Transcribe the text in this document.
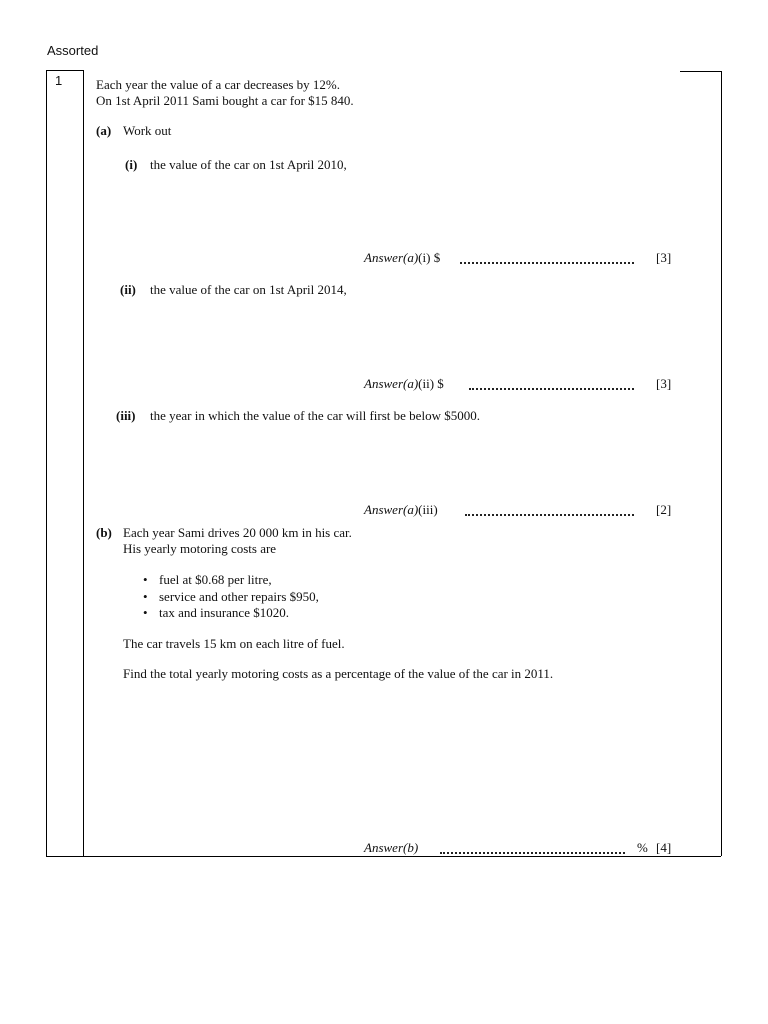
Assorted
1	Each year the value of a car decreases by 12%.
On 1st April 2011 Sami bought a car for $15 840.
(a) Work out
(i) the value of the car on 1st April 2010,
Answer(a)(i) $	[3]
(ii) the value of the car on 1st April 2014,
Answer(a)(ii) $	[3]
(iii) the year in which the value of the car will first be below $5000.
Answer(a)(iii)	[2]
(b) Each year Sami drives 20 000 km in his car.
His yearly motoring costs are
• fuel at $0.68 per litre,
• service and other repairs $950,
• tax and insurance $1020.
The car travels 15 km on each litre of fuel.
Find the total yearly motoring costs as a percentage of the value of the car in 2011.
Answer(b)	% [4]
